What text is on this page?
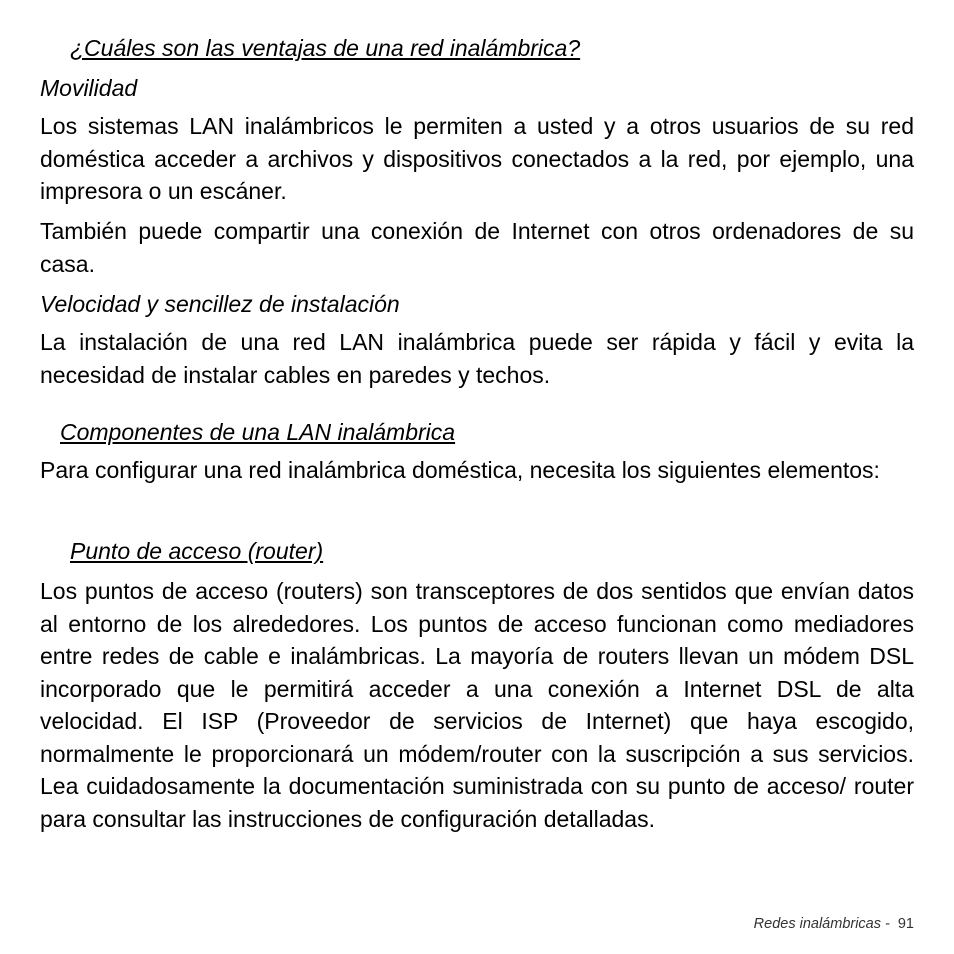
¿Cuáles son las ventajas de una red inalámbrica?
Movilidad

Los sistemas LAN inalámbricos le permiten a usted y a otros usuarios de su red doméstica acceder a archivos y dispositivos conectados a la red, por ejemplo, una impresora o un escáner.

También puede compartir una conexión de Internet con otros ordenadores de su casa.

Velocidad y sencillez de instalación

La instalación de una red LAN inalámbrica puede ser rápida y fácil y evita la necesidad de instalar cables en paredes y techos.

Componentes de una LAN inalámbrica

Para configurar una red inalámbrica doméstica, necesita los siguientes elementos:

Punto de acceso (router)

Los puntos de acceso (routers) son transceptores de dos sentidos que envían datos al entorno de los alrededores. Los puntos de acceso funcionan como mediadores entre redes de cable e inalámbricas. La mayoría de routers llevan un módem DSL incorporado que le permitirá acceder a una conexión a Internet DSL de alta velocidad. El ISP (Proveedor de servicios de Internet) que haya escogido, normalmente le proporcionará un módem/router con la suscripción a sus servicios. Lea cuidadosamente la documentación suministrada con su punto de acceso/ router para consultar las instrucciones de configuración detalladas.

Redes inalámbricas - 91
